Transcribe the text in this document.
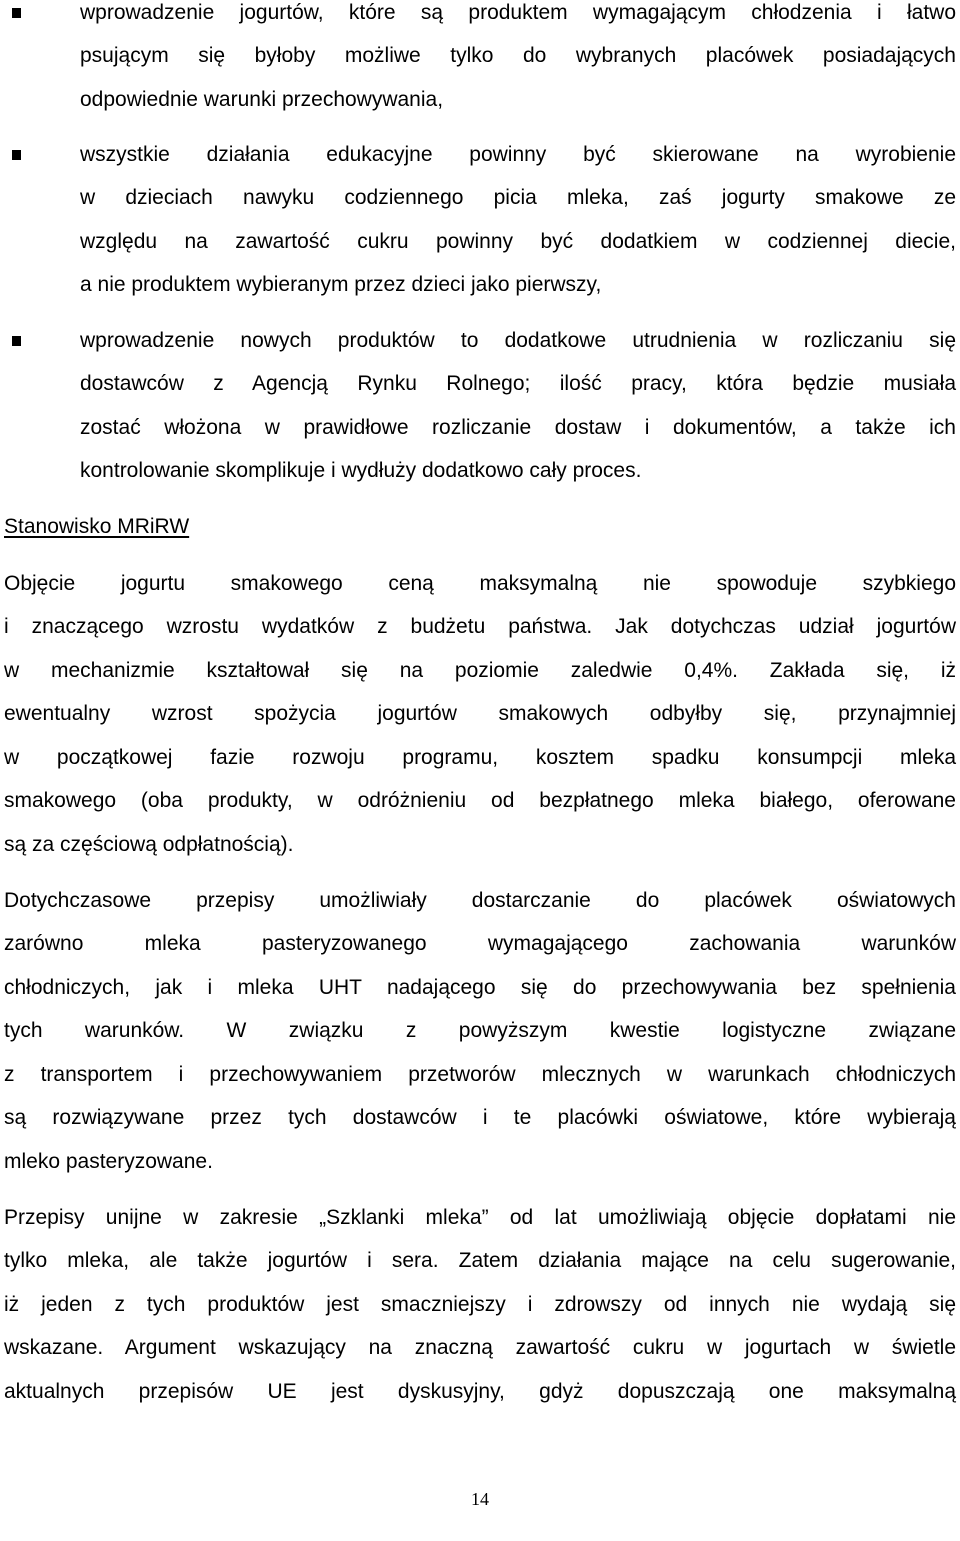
wprowadzenie jogurtów, które są produktem wymagającym chłodzenia i łatwo

psującym się byłoby możliwe tylko do wybranych placówek posiadających

odpowiednie warunki przechowywania,

wszystkie działania edukacyjne powinny być skierowane na wyrobienie

w dzieciach nawyku codziennego picia mleka, zaś jogurty smakowe ze

względu na zawartość cukru powinny być dodatkiem w codziennej diecie,

a nie produktem wybieranym przez dzieci jako pierwszy,

wprowadzenie nowych produktów to dodatkowe utrudnienia w rozliczaniu się

dostawców z Agencją Rynku Rolnego; ilość pracy, która będzie musiała

zostać włożona w prawidłowe rozliczanie dostaw i dokumentów, a także ich

kontrolowanie skomplikuje i wydłuży dodatkowo cały proces.

Stanowisko MRiRW

Objęcie jogurtu smakowego ceną maksymalną nie spowoduje szybkiego

i znaczącego wzrostu wydatków z budżetu państwa. Jak dotychczas udział jogurtów

w mechanizmie kształtował się na poziomie zaledwie 0,4%. Zakłada się, iż

ewentualny wzrost spożycia jogurtów smakowych odbyłby się, przynajmniej

w początkowej fazie rozwoju programu, kosztem spadku konsumpcji mleka

smakowego (oba produkty, w odróżnieniu od bezpłatnego mleka białego, oferowane

są za częściową odpłatnością).

Dotychczasowe przepisy umożliwiały dostarczanie do placówek oświatowych

zarówno mleka pasteryzowanego wymagającego zachowania warunków

chłodniczych, jak i mleka UHT nadającego się do przechowywania bez spełnienia

tych warunków. W związku z powyższym kwestie logistyczne związane

z transportem i przechowywaniem przetworów mlecznych w warunkach chłodniczych

są rozwiązywane przez tych dostawców i te placówki oświatowe, które wybierają

mleko pasteryzowane.

Przepisy unijne w zakresie „Szklanki mleka” od lat umożliwiają objęcie dopłatami nie

tylko mleka, ale także jogurtów i sera. Zatem działania mające na celu sugerowanie,

iż jeden z tych produktów jest smaczniejszy i zdrowszy od innych nie wydają się

wskazane. Argument wskazujący na znaczną zawartość cukru w jogurtach w świetle

aktualnych przepisów UE jest dyskusyjny, gdyż dopuszczają one maksymalną

14
